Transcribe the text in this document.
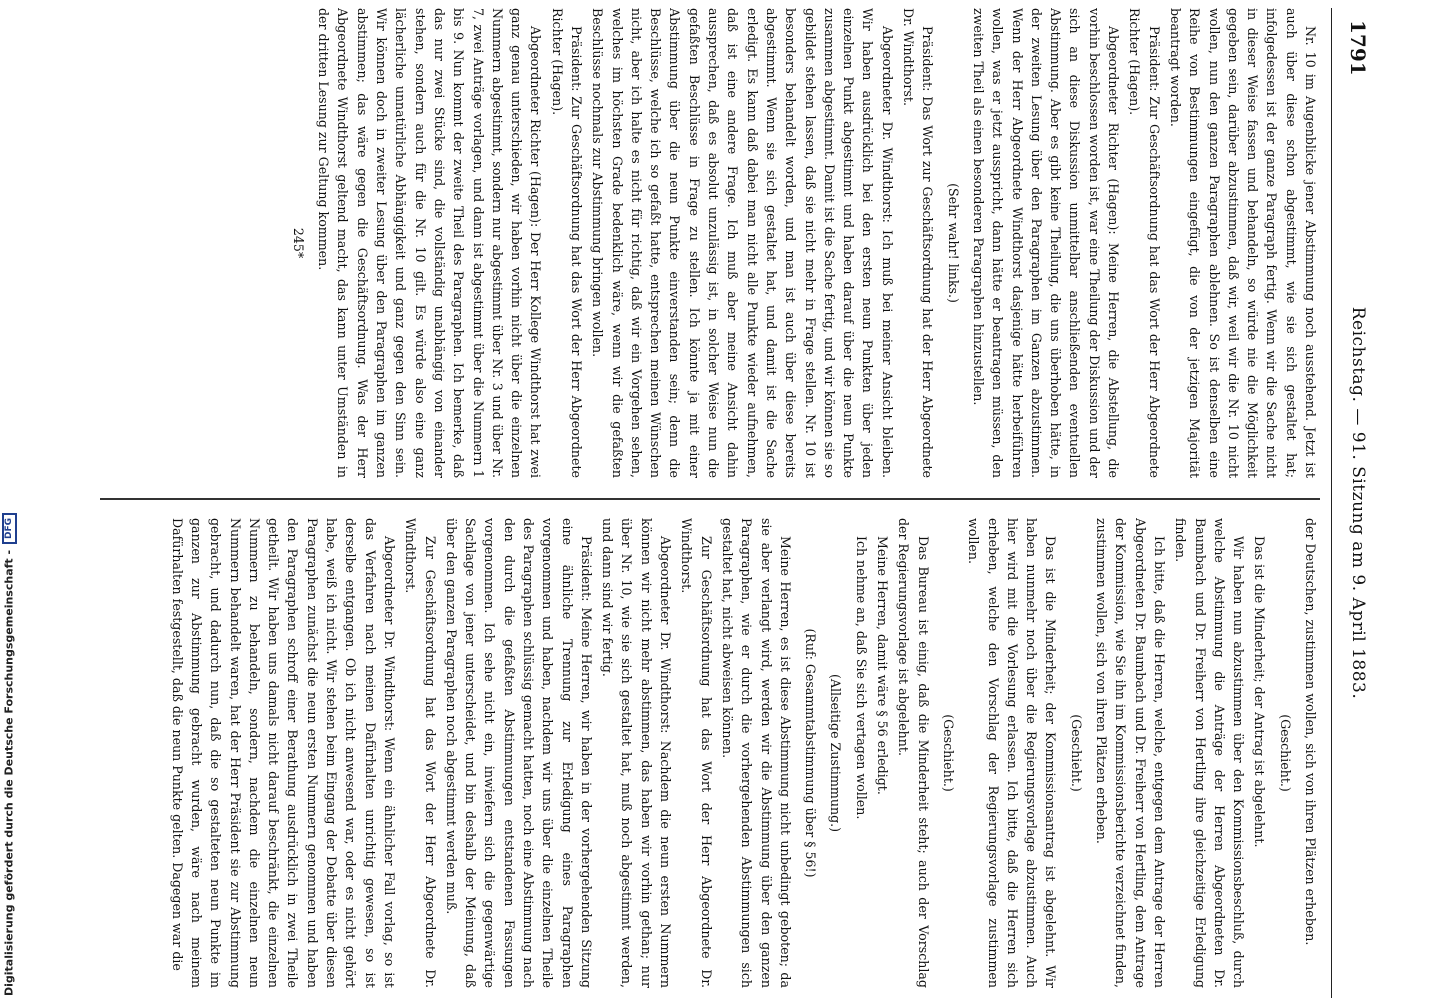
1791
Reichstag. — 91. Sitzung am 9. April 1883.

Nr. 10 im Augenblicke jener Abstimmung noch ausstehend. Jetzt ist auch über diese schon abgestimmt, wie sie sich gestaltet hat; infolgedessen ist der ganze Paragraph fertig. Wenn wir die Sache nicht in dieser Weise fassen und behandeln, so würde nie die Möglichkeit gegeben sein, darüber abzustimmen, daß wir, weil wir die Nr. 10 nicht wollen, nun den ganzen Paragraphen ablehnen. So ist denselben eine Reihe von Bestimmungen eingefügt, die von der jetzigen Majorität beantragt worden.

Präsident: Zur Geschäftsordnung hat das Wort der Herr Abgeordnete Richter (Hagen).

Abgeordneter Richter (Hagen): Meine Herren, die Abstellung, die vorhin beschlossen worden ist, war eine Theilung der Diskussion und der sich an diese Diskussion unmittelbar anschließenden eventuellen Abstimmung. Aber es gibt keine Theilung, die uns überhoben hätte, in der zweiten Lesung über den Paragraphen im Ganzen abzustimmen. Wenn der Herr Abgeordnete Windthorst dasjenige hätte herbeiführen wollen, was er jetzt ausspricht, dann hätte er beantragen müssen, den zweiten Theil als einen besonderen Paragraphen hinzustellen.

(Sehr wahr! links.)

Präsident: Das Wort zur Geschäftsordnung hat der Herr Abgeordnete Dr. Windthorst.

Abgeordneter Dr. Windthorst: Ich muß bei meiner Ansicht bleiben. Wir haben ausdrücklich bei den ersten neun Punkten über jeden einzelnen Punkt abgestimmt und haben darauf über die neun Punkte zusammen abgestimmt. Damit ist die Sache fertig, und wir können sie so gebildet stehen lassen, daß sie nicht mehr in Frage stellen. Nr. 10 ist besonders behandelt worden, und man ist auch über diese bereits abgestimmt. Wenn sie sich gestaltet hat, und damit ist die Sache erledigt. Es kann daß dabei man nicht alle Punkte wieder aufnehmen, daß ist eine andere Frage. Ich muß aber meine Ansicht dahin aussprechen, daß es absolut unzulässig ist, in solcher Weise nun die gefaßten Beschlüsse in Frage zu stellen. Ich könnte ja mit einer Abstimmung über die neun Punkte einverstanden sein; denn die Beschlüsse, welche ich so gefaßt hatte, entsprechen meinen Wünschen nicht, aber ich halte es nicht für richtig, daß wir ein Vorgehen sehen, welches im höchsten Grade bedenklich wäre, wenn wir die gefaßten Beschlüsse nochmals zur Abstimmung bringen wollen.

Präsident: Zur Geschäftsordnung hat das Wort der Herr Abgeordnete Richter (Hagen).

Abgeordneter Richter (Hagen): Der Herr Kollege Windthorst hat zwei ganz genau unterschieden, wir haben vorhin nicht über die einzelnen Nummern abgestimmt, sondern nur abgestimmt über Nr. 3 und über Nr. 7, zwei Anträge vorlagen, und dann ist abgestimmt über die Nummern 1 bis 9. Nun kommt der zweite Theil des Paragraphen. Ich bemerke, daß das nur zwei Stücke sind, die vollständig unabhängig von einander stehen, sondern auch für die Nr. 10 gilt. Es würde also eine ganz lächerliche unnatürliche Abhängigkeit und ganz gegen den Sinn sein. Wir können doch in zweiter Lesung über den Paragraphen im ganzen abstimmen; das wäre gegen die Geschäftsordnung. Was der Herr Abgeordnete Windthorst geltend macht, das kann unter Umständen in der dritten Lesung zur Geltung kommen.

245*

der Deutschen, zustimmen wollen, sich von ihren Plätzen erheben.

(Geschieht.)

Das ist die Minderheit; der Antrag ist abgelehnt.

Wir haben nun abzustimmen über den Kommissionsbeschluß, durch welche Abstimmung die Anträge der Herren Abgeordneten Dr. Baumbach und Dr. Freiherr von Hertling ihre gleichzeitige Erledigung finden.

Ich bitte, daß die Herren, welche, entgegen dem Antrage der Herren Abgeordneten Dr. Baumbach und Dr. Freiherr von Hertling, dem Antrage der Kommission, wie Sie ihn im Kommissionsberichte verzeichnet finden, zustimmen wollen, sich von ihren Plätzen erheben.

(Geschieht.)

Das ist die Minderheit; der Kommissionsantrag ist abgelehnt. Wir haben nunmehr noch über die Regierungsvorlage abzustimmen. Auch hier wird mit die Vorlesung erlassen. Ich bitte, daß die Herren sich erheben, welche den Vorschlag der Regierungsvorlage zustimmen wollen.

(Geschieht.)

Das Bureau ist einig, daß die Minderheit steht; auch der Vorschlag der Regierungsvorlage ist abgelehnt.

Meine Herren, damit wäre § 56 erledigt.

Ich nehme an, daß Sie sich vertagen wollen.

(Allseitige Zustimmung.)

(Ruf: Gesammtabstimmung über § 56!)

Meine Herren, es ist diese Abstimmung nicht unbedingt geboten; da sie aber verlangt wird, werden wir die Abstimmung über den ganzen Paragraphen, wie er durch die vorhergehenden Abstimmungen sich gestaltet hat, nicht abweisen können.

Zur Geschäftsordnung hat das Wort der Herr Abgeordnete Dr. Windthorst.

Abgeordneter Dr. Windthorst: Nachdem die neun ersten Nummern können wir nicht mehr abstimmen, das haben wir vorhin gethan; nur über Nr. 10, wie sie sich gestaltet hat, muß noch abgestimmt werden, und dann sind wir fertig.

Präsident: Meine Herren, wir haben in der vorhergehenden Sitzung eine ähnliche Trennung zur Erledigung eines Paragraphen vorgenommen und haben, nachdem wir uns über die einzelnen Theile des Paragraphen schlüssig gemacht hatten, noch eine Abstimmung nach den durch die gefaßten Abstimmungen entstandenen Fassungen vorgenommen. Ich sehe nicht ein, inwiefern sich die gegenwärtige Sachlage von jener unterscheidet, und bin deshalb der Meinung, daß über den ganzen Paragraphen noch abgestimmt werden muß.

Zur Geschäftsordnung hat das Wort der Herr Abgeordnete Dr. Windthorst.

Abgeordneter Dr. Windthorst: Wenn ein ähnlicher Fall vorlag, so ist das Verfahren nach meinen Dafürhalten unrichtig gewesen, so ist derselbe entgangen. Ob ich nicht anwesend war, oder es nicht gehört habe, weiß ich nicht. Wir stehen beim Eingang der Debatte über diesen Paragraphen zunächst die neun ersten Nummern genommen und haben den Paragraphen schroff einer Berathung ausdrücklich in zwei Theile getheilt. Wir haben uns damals nicht darauf beschränkt, die einzelnen Nummern zu behandeln, sondern, nachdem die einzelnen neun Nummern behandelt waren, hat der Herr Präsident sie zur Abstimmung gebracht, und dadurch nun, daß die so gestalteten neun Punkte im ganzen zur Abstimmung gebracht wurden, wäre nach meinem Dafürhalten festgestellt, daß die neun Punkte gelten. Dagegen war die

Digitalisierung gefördert durch die Deutsche Forschungsgemeinschaft -DFG
